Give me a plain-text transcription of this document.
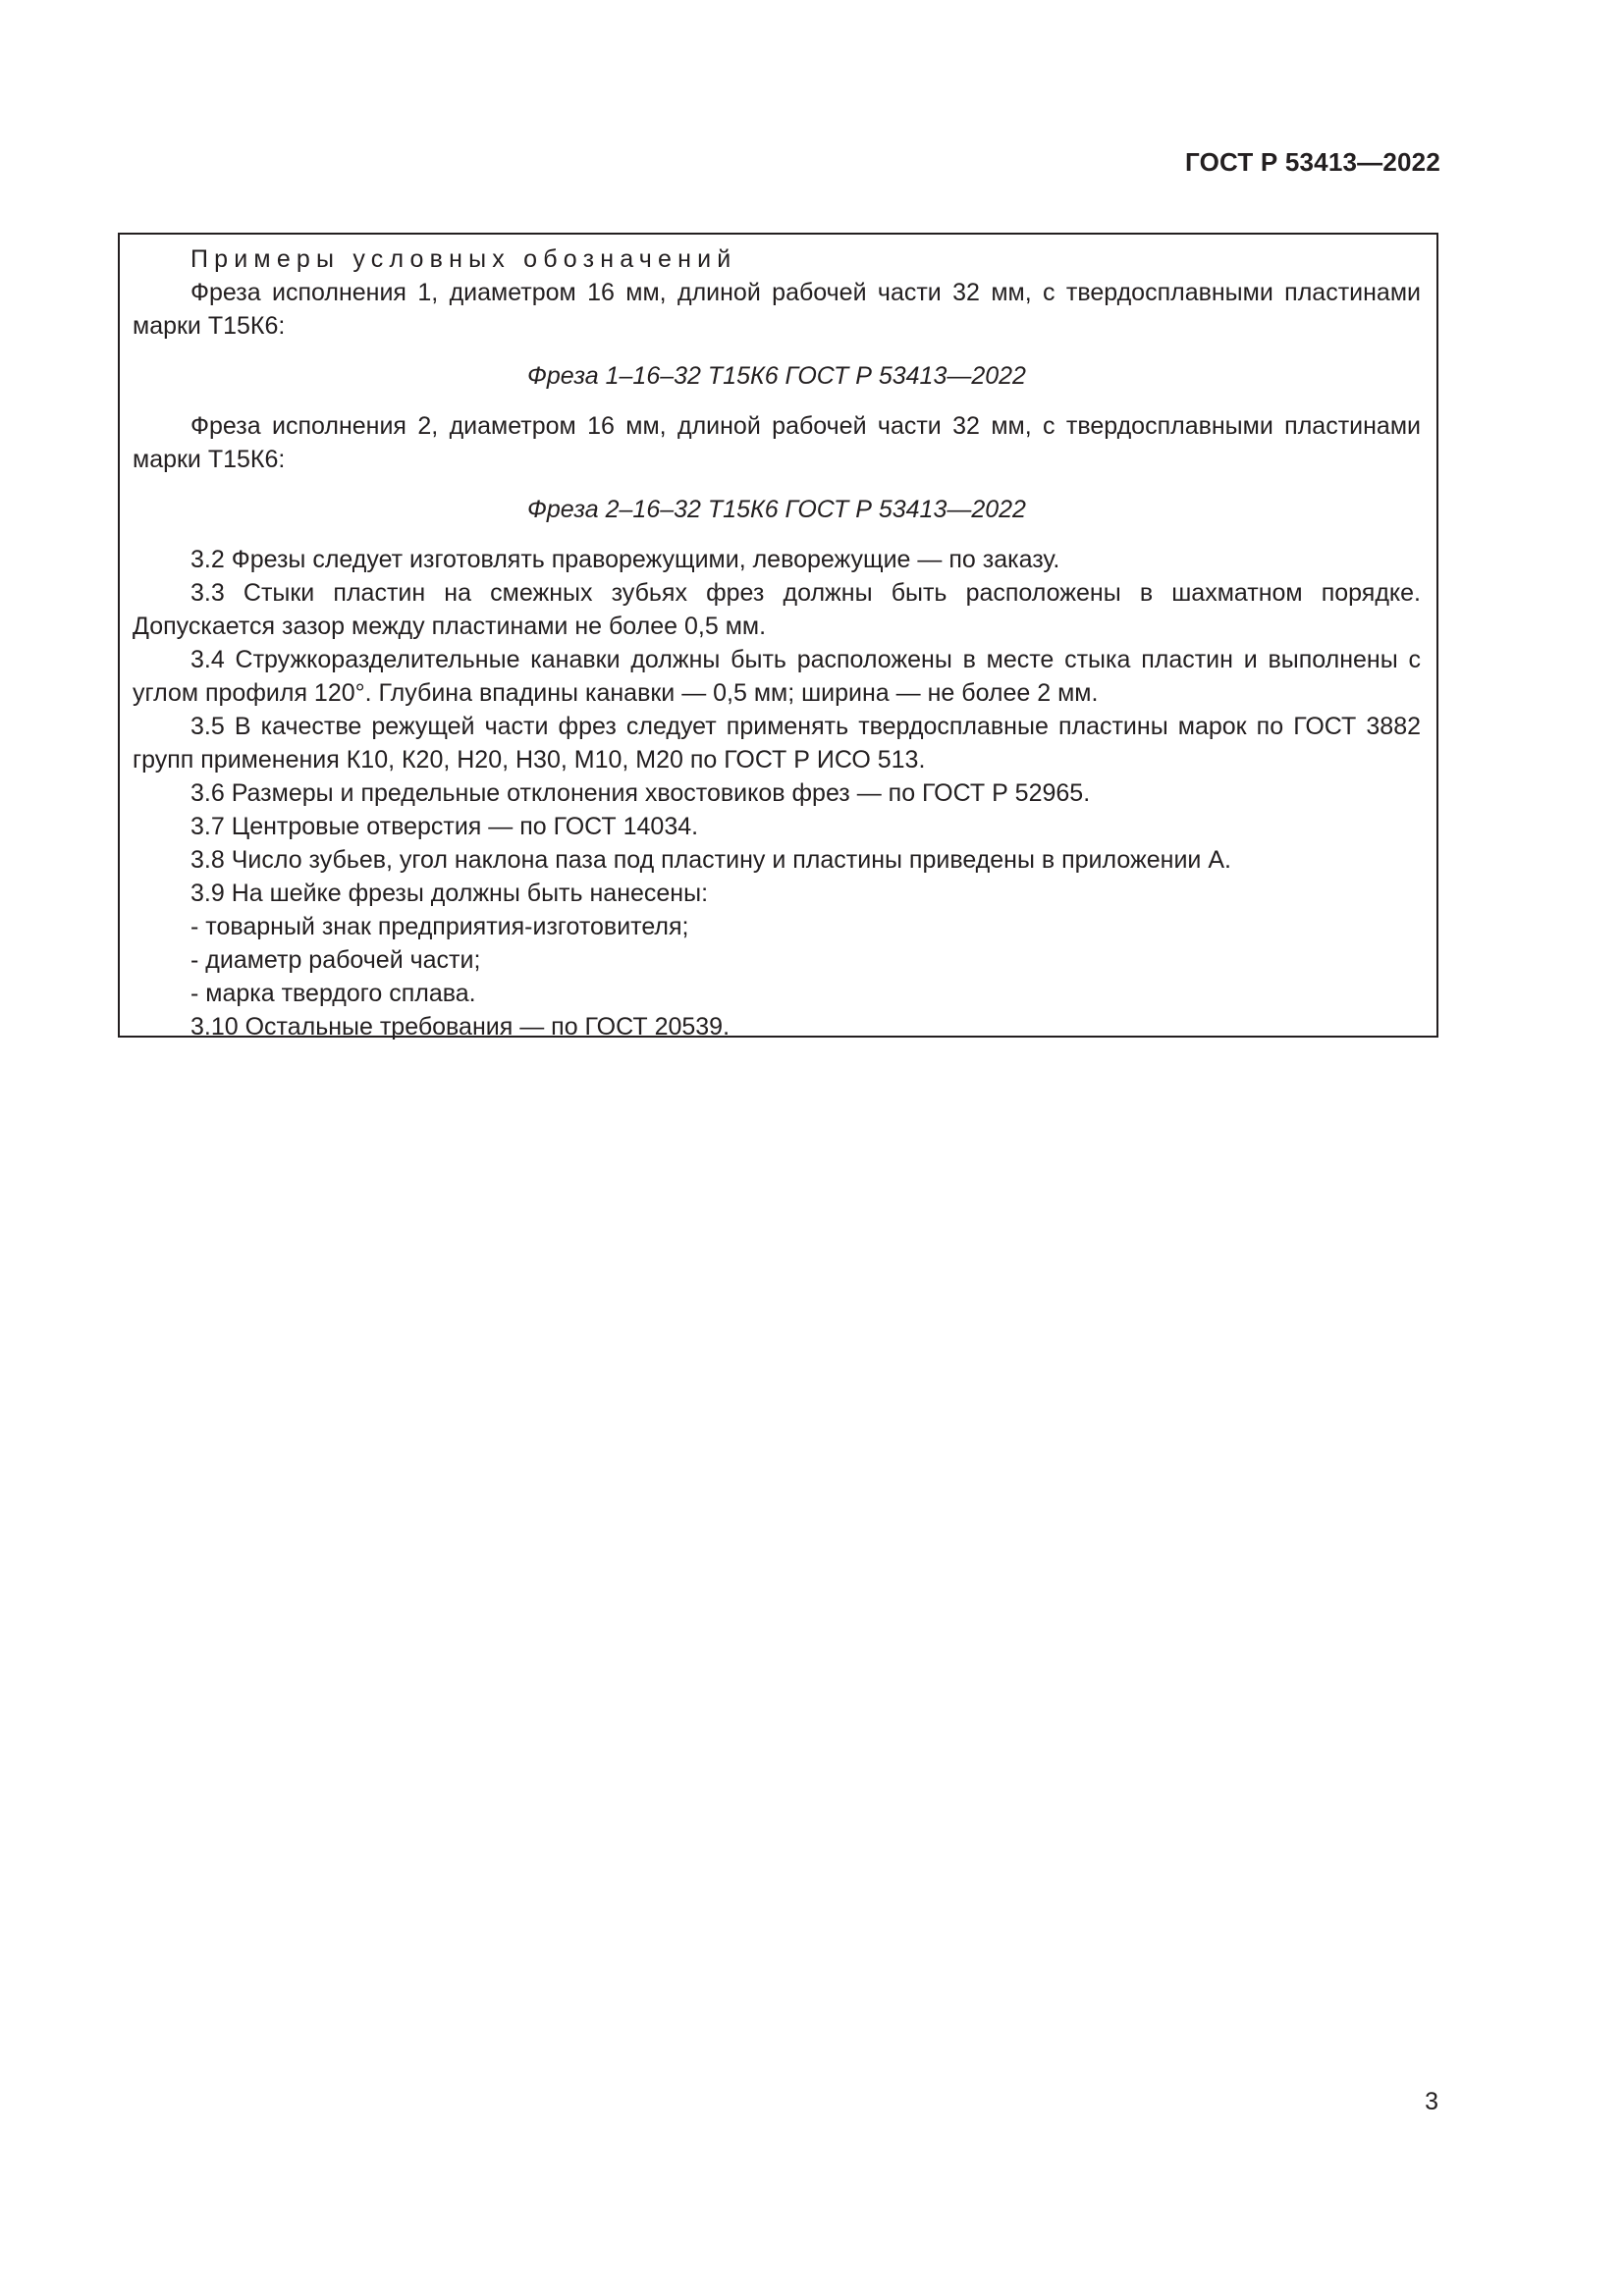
ГОСТ Р 53413—2022

Примеры условных обозначений

Фреза исполнения 1, диаметром 16 мм, длиной рабочей части 32 мм, с твердосплавными пластинами марки Т15К6:

Фреза 1–16–32 Т15К6 ГОСТ Р 53413—2022

Фреза исполнения 2, диаметром 16 мм, длиной рабочей части 32 мм, с твердосплавными пластинами марки Т15К6:

Фреза 2–16–32 Т15К6 ГОСТ Р 53413—2022

3.2 Фрезы следует изготовлять праворежущими, леворежущие — по заказу.

3.3 Стыки пластин на смежных зубьях фрез должны быть расположены в шахматном порядке. Допускается зазор между пластинами не более 0,5 мм.

3.4 Стружкоразделительные канавки должны быть расположены в месте стыка пластин и выполнены с углом профиля 120°. Глубина впадины канавки — 0,5 мм; ширина — не более 2 мм.

3.5 В качестве режущей части фрез следует применять твердосплавные пластины марок по ГОСТ 3882 групп применения К10, К20, Н20, Н30, М10, М20 по ГОСТ Р ИСО 513.

3.6 Размеры и предельные отклонения хвостовиков фрез — по ГОСТ Р 52965.

3.7 Центровые отверстия — по ГОСТ 14034.

3.8 Число зубьев, угол наклона паза под пластину и пластины приведены в приложении А.

3.9 На шейке фрезы должны быть нанесены:

- товарный знак предприятия-изготовителя;

- диаметр рабочей части;

- марка твердого сплава.

3.10 Остальные требования — по ГОСТ 20539.

3
